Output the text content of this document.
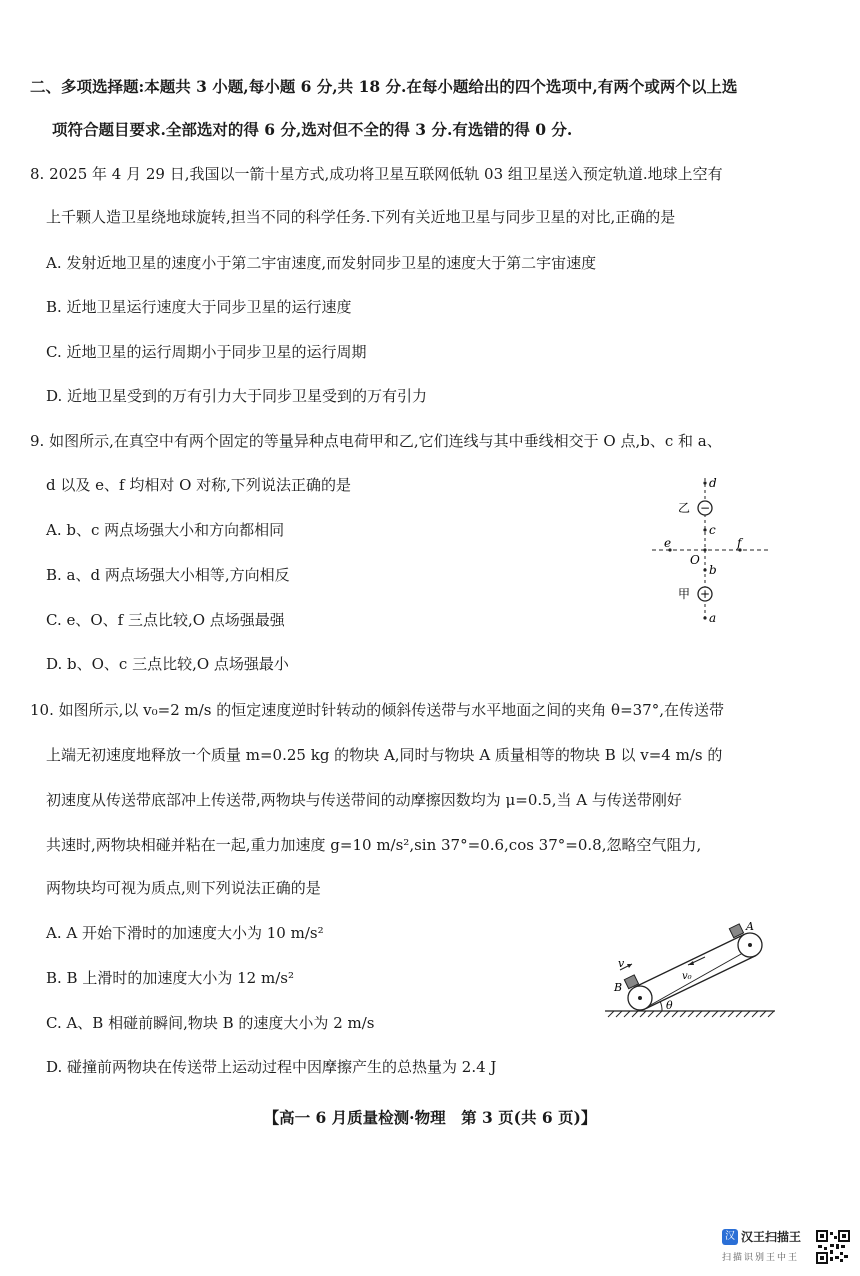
二、多项选择题:本题共 3 小题,每小题 6 分,共 18 分.在每小题给出的四个选项中,有两个或两个以上选
项符合题目要求.全部选对的得 6 分,选对但不全的得 3 分.有选错的得 0 分.
8. 2025 年 4 月 29 日,我国以一箭十星方式,成功将卫星互联网低轨 03 组卫星送入预定轨道.地球上空有
上千颗人造卫星绕地球旋转,担当不同的科学任务.下列有关近地卫星与同步卫星的对比,正确的是
A. 发射近地卫星的速度小于第二宇宙速度,而发射同步卫星的速度大于第二宇宙速度
B. 近地卫星运行速度大于同步卫星的运行速度
C. 近地卫星的运行周期小于同步卫星的运行周期
D. 近地卫星受到的万有引力大于同步卫星受到的万有引力
9. 如图所示,在真空中有两个固定的等量异种点电荷甲和乙,它们连线与其中垂线相交于 O 点,b、c 和 a、
d 以及 e、f 均相对 O 对称,下列说法正确的是
A. b、c 两点场强大小和方向都相同
B. a、d 两点场强大小相等,方向相反
C. e、O、f 三点比较,O 点场强最强
D. b、O、c 三点比较,O 点场强最小
d
−
乙
c
e	f
O
b
+
甲
a
10. 如图所示,以 v₀=2 m/s 的恒定速度逆时针转动的倾斜传送带与水平地面之间的夹角 θ=37°,在传送带
上端无初速度地释放一个质量 m=0.25 kg 的物块 A,同时与物块 A 质量相等的物块 B 以 v=4 m/s 的
初速度从传送带底部冲上传送带,两物块与传送带间的动摩擦因数均为 μ=0.5,当 A 与传送带刚好
共速时,两物块相碰并粘在一起,重力加速度 g=10 m/s²,sin 37°=0.6,cos 37°=0.8,忽略空气阻力,
两物块均可视为质点,则下列说法正确的是
A. A 开始下滑时的加速度大小为 10 m/s²
B. B 上滑时的加速度大小为 12 m/s²
C. A、B 相碰前瞬间,物块 B 的速度大小为 2 m/s
D. 碰撞前两物块在传送带上运动过程中因摩擦产生的总热量为 2.4 J
A
B
v
v₀
θ
【高一 6 月质量检测·物理　第 3 页(共 6 页)】
汉 汉王扫描王
扫描识别王中王
